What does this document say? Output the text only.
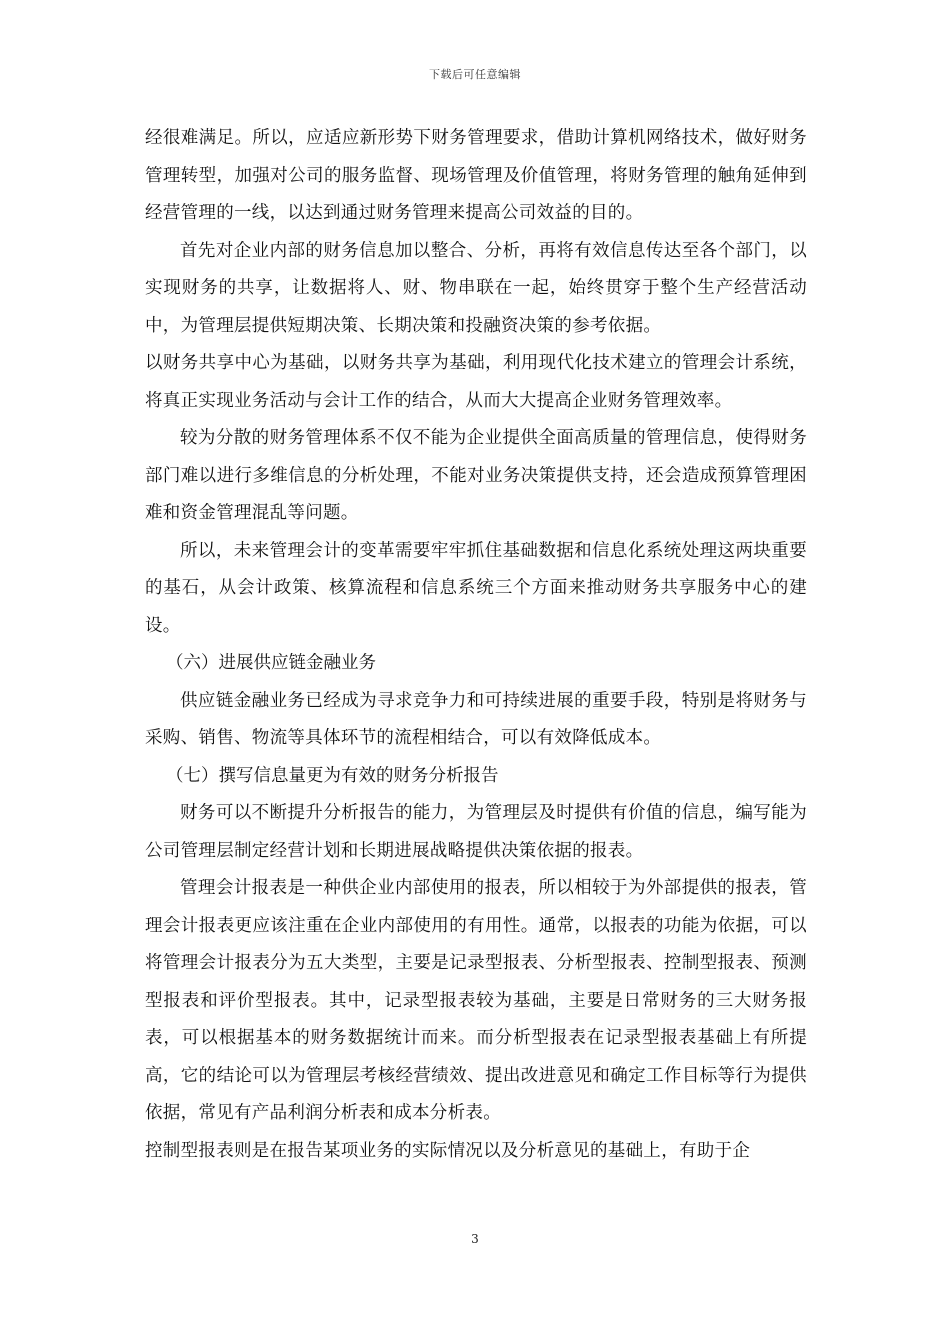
下载后可任意编辑

经很难满足。所以，应适应新形势下财务管理要求，借助计算机网络技术，做好财务管理转型，加强对公司的服务监督、现场管理及价值管理，将财务管理的触角延伸到经营管理的一线，以达到通过财务管理来提高公司效益的目的。

首先对企业内部的财务信息加以整合、分析，再将有效信息传达至各个部门，以实现财务的共享，让数据将人、财、物串联在一起，始终贯穿于整个生产经营活动中，为管理层提供短期决策、长期决策和投融资决策的参考依据。

以财务共享中心为基础，以财务共享为基础，利用现代化技术建立的管理会计系统，将真正实现业务活动与会计工作的结合，从而大大提高企业财务管理效率。

较为分散的财务管理体系不仅不能为企业提供全面高质量的管理信息，使得财务部门难以进行多维信息的分析处理，不能对业务决策提供支持，还会造成预算管理困难和资金管理混乱等问题。

所以，未来管理会计的变革需要牢牢抓住基础数据和信息化系统处理这两块重要的基石，从会计政策、核算流程和信息系统三个方面来推动财务共享服务中心的建设。

（六）进展供应链金融业务

供应链金融业务已经成为寻求竞争力和可持续进展的重要手段，特别是将财务与采购、销售、物流等具体环节的流程相结合，可以有效降低成本。

（七）撰写信息量更为有效的财务分析报告

财务可以不断提升分析报告的能力，为管理层及时提供有价值的信息，编写能为公司管理层制定经营计划和长期进展战略提供决策依据的报表。

管理会计报表是一种供企业内部使用的报表，所以相较于为外部提供的报表，管理会计报表更应该注重在企业内部使用的有用性。通常，以报表的功能为依据，可以将管理会计报表分为五大类型，主要是记录型报表、分析型报表、控制型报表、预测型报表和评价型报表。其中，记录型报表较为基础，主要是日常财务的三大财务报表，可以根据基本的财务数据统计而来。而分析型报表在记录型报表基础上有所提高，它的结论可以为管理层考核经营绩效、提出改进意见和确定工作目标等行为提供依据，常见有产品利润分析表和成本分析表。

控制型报表则是在报告某项业务的实际情况以及分析意见的基础上，有助于企

3
